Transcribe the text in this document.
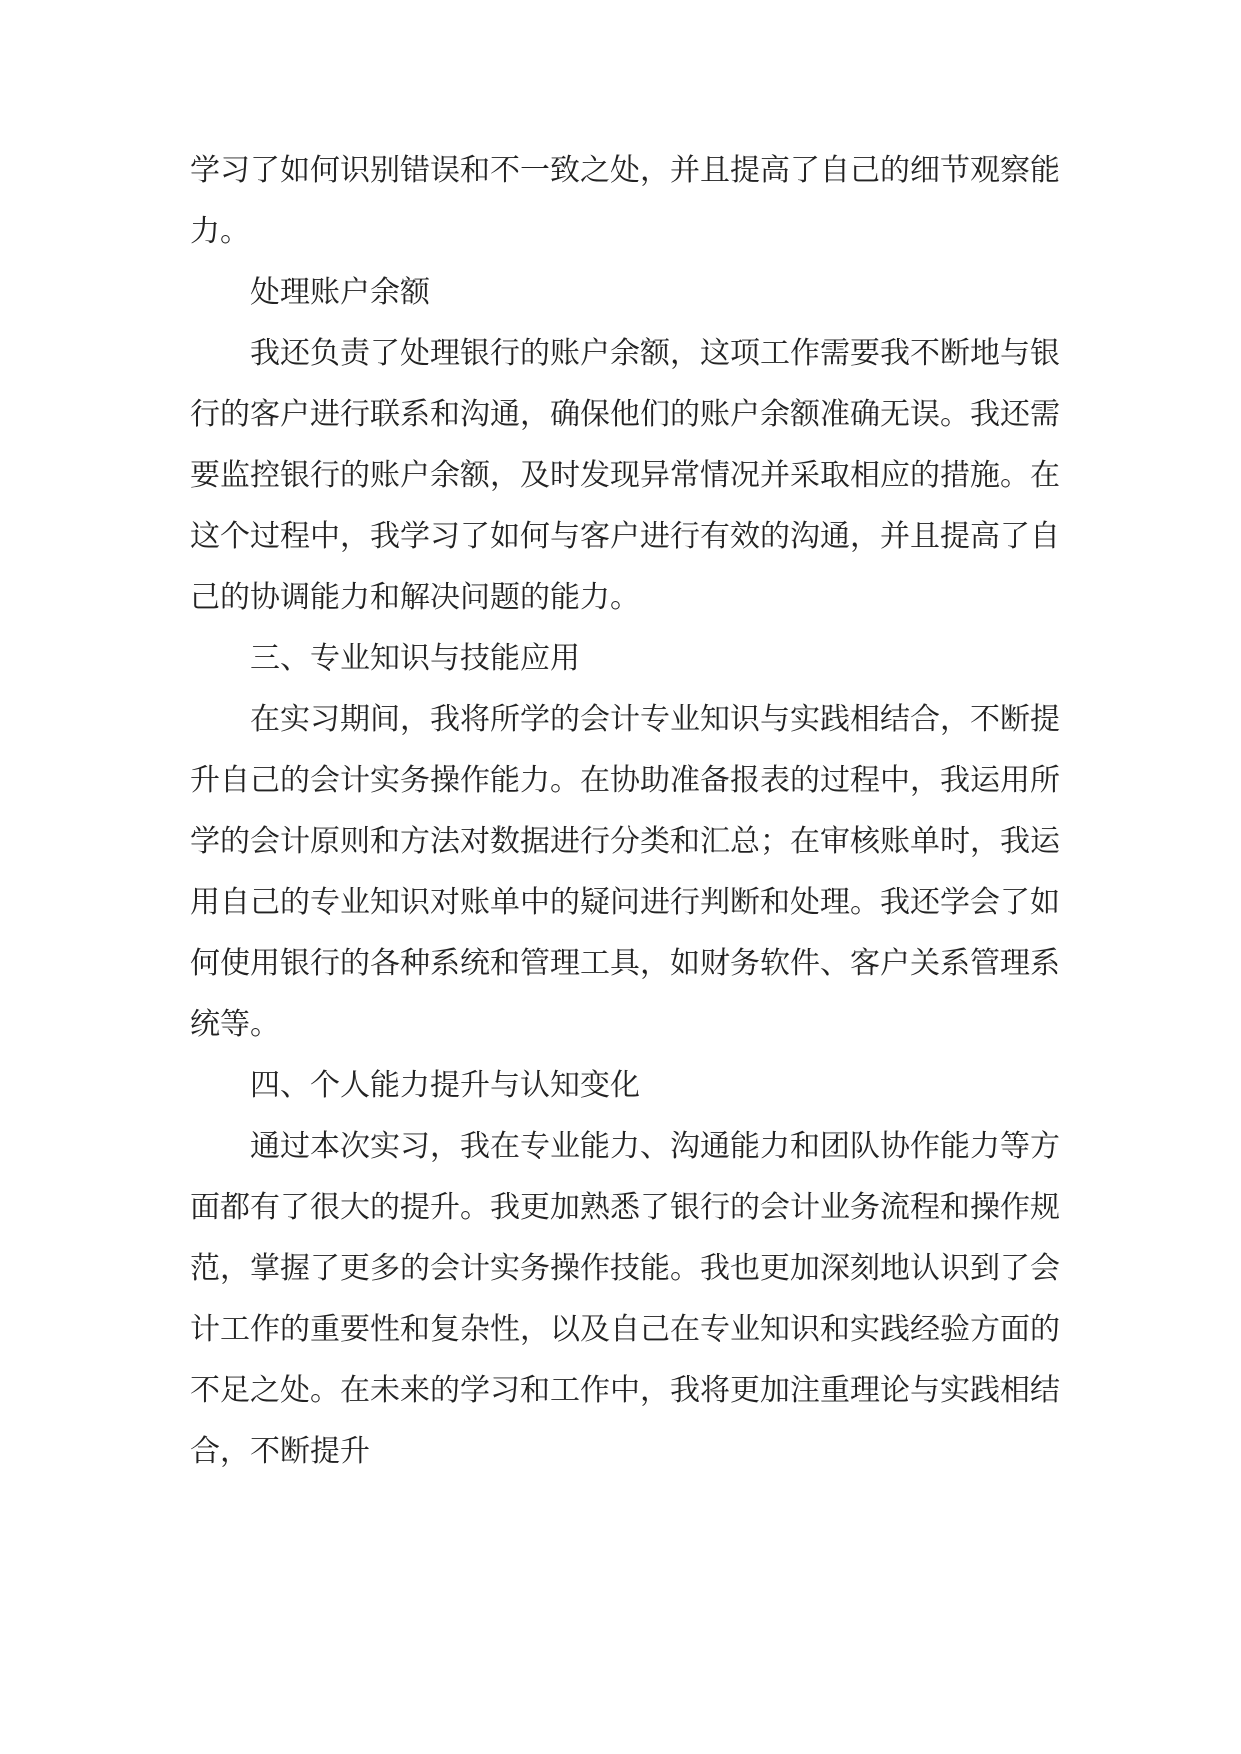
学习了如何识别错误和不一致之处，并且提高了自己的细节观察能力。

处理账户余额

我还负责了处理银行的账户余额，这项工作需要我不断地与银行的客户进行联系和沟通，确保他们的账户余额准确无误。我还需要监控银行的账户余额，及时发现异常情况并采取相应的措施。在这个过程中，我学习了如何与客户进行有效的沟通，并且提高了自己的协调能力和解决问题的能力。

三、专业知识与技能应用

在实习期间，我将所学的会计专业知识与实践相结合，不断提升自己的会计实务操作能力。在协助准备报表的过程中，我运用所学的会计原则和方法对数据进行分类和汇总；在审核账单时，我运用自己的专业知识对账单中的疑问进行判断和处理。我还学会了如何使用银行的各种系统和管理工具，如财务软件、客户关系管理系统等。

四、个人能力提升与认知变化

通过本次实习，我在专业能力、沟通能力和团队协作能力等方面都有了很大的提升。我更加熟悉了银行的会计业务流程和操作规范，掌握了更多的会计实务操作技能。我也更加深刻地认识到了会计工作的重要性和复杂性，以及自己在专业知识和实践经验方面的不足之处。在未来的学习和工作中，我将更加注重理论与实践相结合，不断提升
